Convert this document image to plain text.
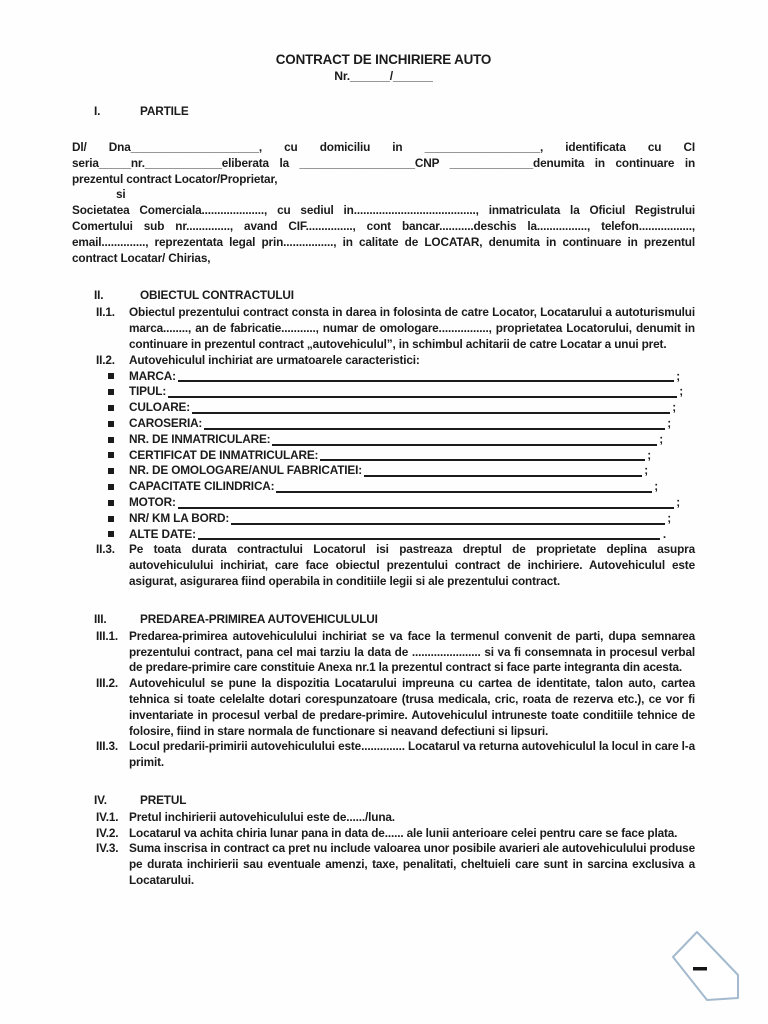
CONTRACT DE INCHIRIERE AUTO

Nr.______/______

I.	PARTILE

Dl/ Dna____________________, cu domiciliu in __________________, identificata cu CI seria_____nr.____________eliberata la __________________CNP _____________denumita in continuare in prezentul contract Locator/Proprietar,

si

Societatea Comerciala...................., cu sediul in......................................., inmatriculata la Oficiul Registrului Comertului sub nr.............., avand CIF..............., cont bancar...........deschis la................, telefon................., email.............., reprezentata legal prin................, in calitate de LOCATAR, denumita in continuare in prezentul contract Locatar/ Chirias,

II.	OBIECTUL CONTRACTULUI

II.1. Obiectul prezentului contract consta in darea in folosinta de catre Locator, Locatarului a autoturismului marca........, an de fabricatie..........., numar de omologare................, proprietatea Locatorului, denumit in continuare in prezentul contract „autovehiculul”, in schimbul achitarii de catre Locatar a unui pret.

II.2. Autovehiculul inchiriat are urmatoarele caracteristici:

MARCA:	;
TIPUL:	;
CULOARE:	;
CAROSERIA:	;
NR. DE INMATRICULARE:	;
CERTIFICAT DE INMATRICULARE:	;
NR. DE OMOLOGARE/ANUL FABRICATIEI:	;
CAPACITATE CILINDRICA:	;
MOTOR:	;
NR/ KM LA BORD:	;
ALTE DATE:	.

II.3. Pe toata durata contractului Locatorul isi pastreaza dreptul de proprietate deplina asupra autovehiculului inchiriat, care face obiectul prezentului contract de inchiriere. Autovehiculul este asigurat, asigurarea fiind operabila in conditiile legii si ale prezentului contract.

III.	PREDAREA-PRIMIREA AUTOVEHICULULUI

III.1. Predarea-primirea autovehiculului inchiriat se va face la termenul convenit de parti, dupa semnarea prezentului contract, pana cel mai tarziu la data de ...................... si va fi consemnata in procesul verbal de predare-primire care constituie Anexa nr.1 la prezentul contract si face parte integranta din acesta.

III.2. Autovehiculul se pune la dispozitia Locatarului impreuna cu cartea de identitate, talon auto, cartea tehnica si toate celelalte dotari corespunzatoare (trusa medicala, cric, roata de rezerva etc.), ce vor fi inventariate in procesul verbal de predare-primire. Autovehiculul intruneste toate conditiile tehnice de folosire, fiind in stare normala de functionare si neavand defectiuni si lipsuri.

III.3. Locul predarii-primirii autovehiculului este.............. Locatarul va returna autovehiculul la locul in care l-a primit.

IV.	PRETUL

IV.1. Pretul inchirierii autovehiculului este de....../luna.

IV.2. Locatarul va achita chiria lunar pana in data de...... ale lunii anterioare celei pentru care se face plata.

IV.3. Suma inscrisa in contract ca pret nu include valoarea unor posibile avarieri ale autovehiculului produse pe durata inchirierii sau eventuale amenzi, taxe, penalitati, cheltuieli care sunt in sarcina exclusiva a Locatarului.
